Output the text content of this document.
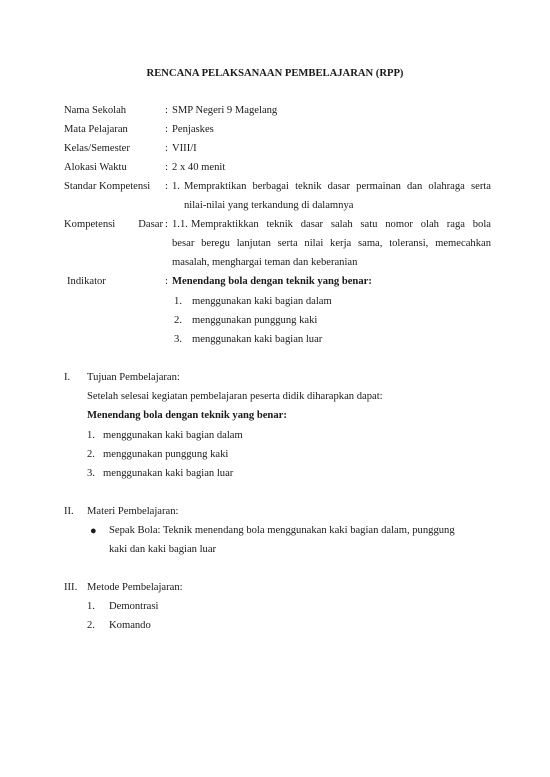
RENCANA PELAKSANAAN PEMBELAJARAN (RPP)
Nama Sekolah	: SMP Negeri 9 Magelang
Mata Pelajaran	: Penjaskes
Kelas/Semester	: VIII/I
Alokasi Waktu	: 2 x 40 menit
Standar Kompetensi : 1. Mempraktikan berbagai teknik dasar permainan dan olahraga serta
nilai-nilai yang terkandung di dalamnya
Kompetensi Dasar : 1.1. Mempraktikkan teknik dasar salah satu nomor olah raga bola
besar beregu lanjutan serta nilai kerja sama, toleransi, memecahkan
masalah, menghargai teman dan keberanian
Indikator	: Menendang bola dengan teknik yang benar:
1. menggunakan kaki bagian dalam
2. menggunakan punggung kaki
3. menggunakan kaki bagian luar
I. Tujuan Pembelajaran:
Setelah selesai kegiatan pembelajaran peserta didik diharapkan dapat:
Menendang bola dengan teknik yang benar:
1. menggunakan kaki bagian dalam
2. menggunakan punggung kaki
3. menggunakan kaki bagian luar
II. Materi Pembelajaran:
● Sepak Bola: Teknik menendang bola menggunakan kaki bagian dalam, punggung
kaki dan kaki bagian luar
III. Metode Pembelajaran:
1. Demontrasi
2. Komando
